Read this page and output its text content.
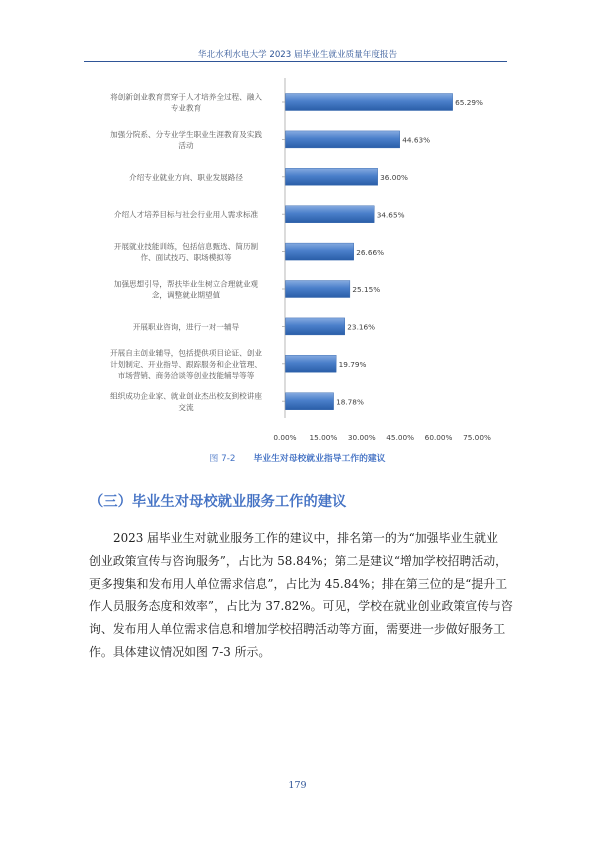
华北水利水电大学 2023 届毕业生就业质量年度报告
65.29%
将创新创业教育贯穿于人才培养全过程、融入
专业教育
44.63%
加强分院系、分专业学生职业生涯教育及实践
活动
36.00%
介绍专业就业方向、职业发展路径
34.65%
介绍人才培养目标与社会行业用人需求标准
26.66%
开展就业技能训练，包括信息甄选、简历制
作、面试技巧、职场模拟等
25.15%
加强思想引导，帮扶毕业生树立合理就业观
念，调整就业期望值
23.16%
开展职业咨询，进行一对一辅导
19.79%
开展自主创业辅导，包括提供项目论证、创业
计划制定、开业指导、跟踪服务和企业管理、
市场营销、商务洽谈等创业技能辅导等等
18.78%
组织成功企业家、就业创业杰出校友到校讲座
交流
0.00% 15.00% 30.00% 45.00% 60.00% 75.00%
图 7-2 毕业生对母校就业指导工作的建议
（三）毕业生对母校就业服务工作的建议
2023 届毕业生对就业服务工作的建议中，排名第一的为“加强毕业生就业
创业政策宣传与咨询服务”，占比为 58.84%；第二是建议“增加学校招聘活动，
更多搜集和发布用人单位需求信息”，占比为 45.84%；排在第三位的是“提升工
作人员服务态度和效率”，占比为 37.82%。可见，学校在就业创业政策宣传与咨
询、发布用人单位需求信息和增加学校招聘活动等方面，需要进一步做好服务工
作。具体建议情况如图 7-3 所示。
179
